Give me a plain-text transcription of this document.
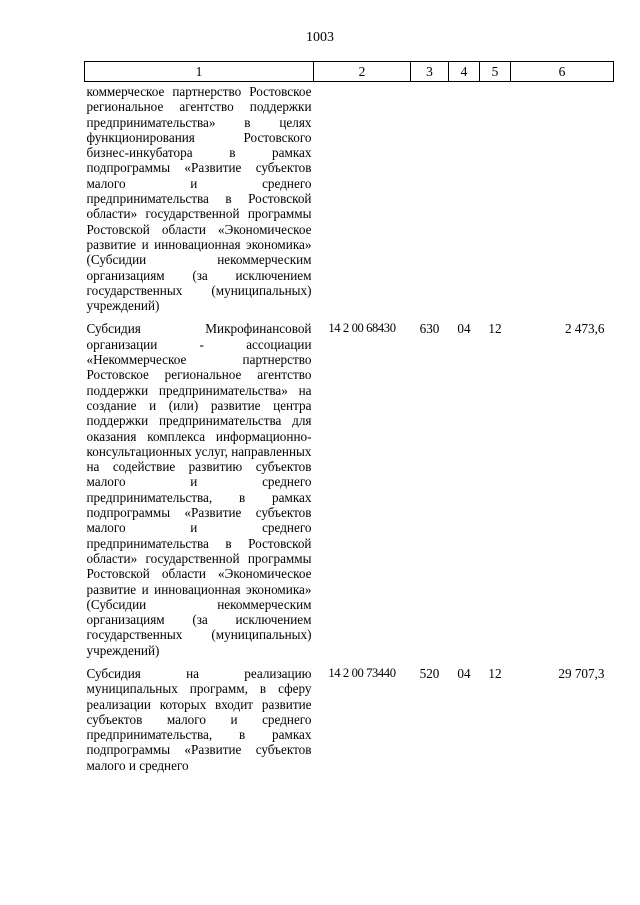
1003
1	2	3	4	5	6
коммерческое партнерство Ростовское региональное агентство поддержки предпринимательства» в целях функционирования Ростовского бизнес-инкубатора в рамках подпрограммы «Развитие субъектов малого и среднего предпринимательства в Ростовской области» государственной программы Ростовской области «Экономическое развитие и инновационная экономика» (Субсидии некоммерческим организациям (за исключением государственных (муниципальных) учреждений)					
Субсидия Микрофинансовой организации - ассоциации «Некоммерческое партнерство Ростовское региональное агентство поддержки предпринимательства» на создание и (или) развитие центра поддержки предпринимательства для оказания комплекса информационно-консультационных услуг, направленных на содействие развитию субъектов малого и среднего предпринимательства, в рамках подпрограммы «Развитие субъектов малого и среднего предпринимательства в Ростовской области» государственной программы Ростовской области «Экономическое развитие и инновационная экономика» (Субсидии некоммерческим организациям (за исключением государственных (муниципальных) учреждений)	14 2 00 68430	630	04	12	2 473,6
Субсидия на реализацию муниципальных программ, в сферу реализации которых входит развитие субъектов малого и среднего предпринимательства, в рамках подпрограммы «Развитие субъектов малого и среднего	14 2 00 73440	520	04	12	29 707,3
